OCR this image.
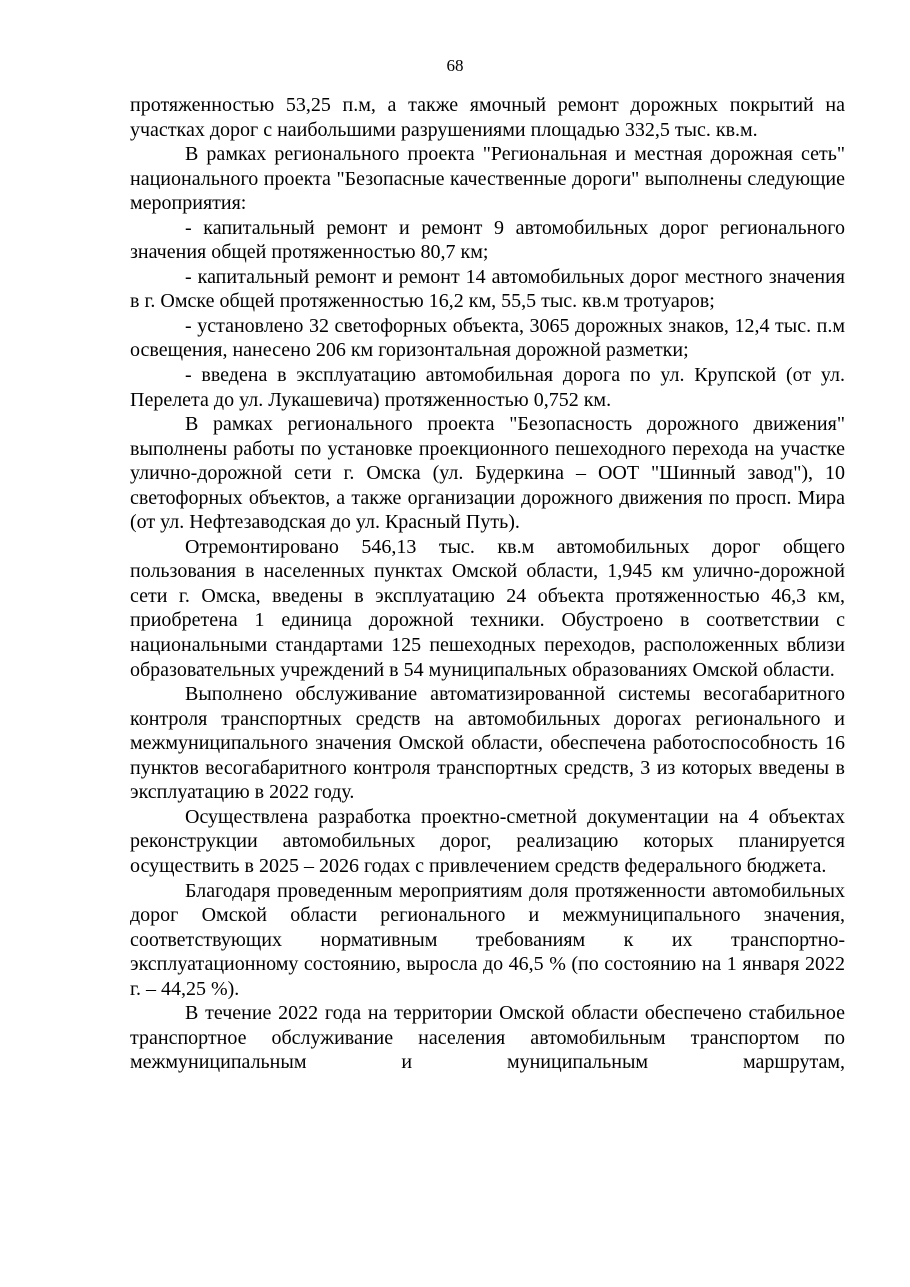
68

протяженностью 53,25 п.м, а также ямочный ремонт дорожных покрытий на участках дорог с наибольшими разрушениями площадью 332,5 тыс. кв.м.

В рамках регионального проекта "Региональная и местная дорожная сеть" национального проекта "Безопасные качественные дороги" выполнены следующие мероприятия:

- капитальный ремонт и ремонт 9 автомобильных дорог регионального значения общей протяженностью 80,7 км;

- капитальный ремонт и ремонт 14 автомобильных дорог местного значения в г. Омске общей протяженностью 16,2 км, 55,5 тыс. кв.м тротуаров;

- установлено 32 светофорных объекта, 3065 дорожных знаков, 12,4 тыс. п.м освещения, нанесено 206 км горизонтальная дорожной разметки;

- введена в эксплуатацию автомобильная дорога по ул. Крупской (от ул. Перелета до ул. Лукашевича) протяженностью 0,752 км.

В рамках регионального проекта "Безопасность дорожного движения" выполнены работы по установке проекционного пешеходного перехода на участке улично-дорожной сети г. Омска (ул. Будеркина – ООТ "Шинный завод"), 10 светофорных объектов, а также организации дорожного движения по просп. Мира (от ул. Нефтезаводская до ул. Красный Путь).

Отремонтировано 546,13 тыс. кв.м автомобильных дорог общего пользования в населенных пунктах Омской области, 1,945 км улично-дорожной сети г. Омска, введены в эксплуатацию 24 объекта протяженностью 46,3 км, приобретена 1 единица дорожной техники. Обустроено в соответствии с национальными стандартами 125 пешеходных переходов, расположенных вблизи образовательных учреждений в 54 муниципальных образованиях Омской области.

Выполнено обслуживание автоматизированной системы весогабаритного контроля транспортных средств на автомобильных дорогах регионального и межмуниципального значения Омской области, обеспечена работоспособность 16 пунктов весогабаритного контроля транспортных средств, 3 из которых введены в эксплуатацию в 2022 году.

Осуществлена разработка проектно-сметной документации на 4 объектах реконструкции автомобильных дорог, реализацию которых планируется осуществить в 2025 – 2026 годах с привлечением средств федерального бюджета.

Благодаря проведенным мероприятиям доля протяженности автомобильных дорог Омской области регионального и межмуниципального значения, соответствующих нормативным требованиям к их транспортно-эксплуатационному состоянию, выросла до 46,5 % (по состоянию на 1 января 2022 г. – 44,25 %).

В течение 2022 года на территории Омской области обеспечено стабильное транспортное обслуживание населения автомобильным транспортом по межмуниципальным и муниципальным маршрутам,
